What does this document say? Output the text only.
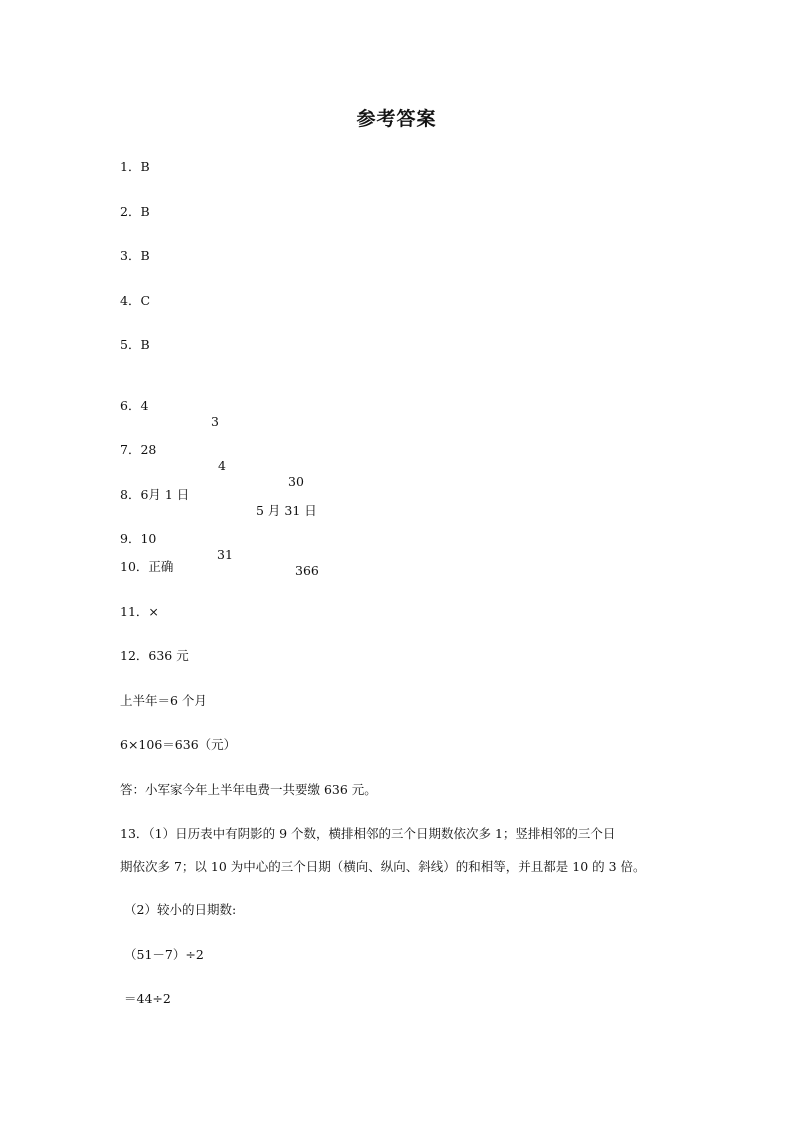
参考答案
1．B
2．B
3．B
4．C
5．B

6．4

3

7．28

4

30

8．6月 1 日

5 月 31 日

9．10

31

366

10．正确
11．×
12．636 元
上半年＝6 个月
6×106＝636（元）
答：小军家今年上半年电费一共要缴 636 元。
13．（1）日历表中有阴影的 9 个数，横排相邻的三个日期数依次多 1；竖排相邻的三个日
期依次多 7；以 10 为中心的三个日期（横向、纵向、斜线）的和相等，并且都是 10 的 3 倍。
（2）较小的日期数:
（51－7）÷2
＝44÷2
